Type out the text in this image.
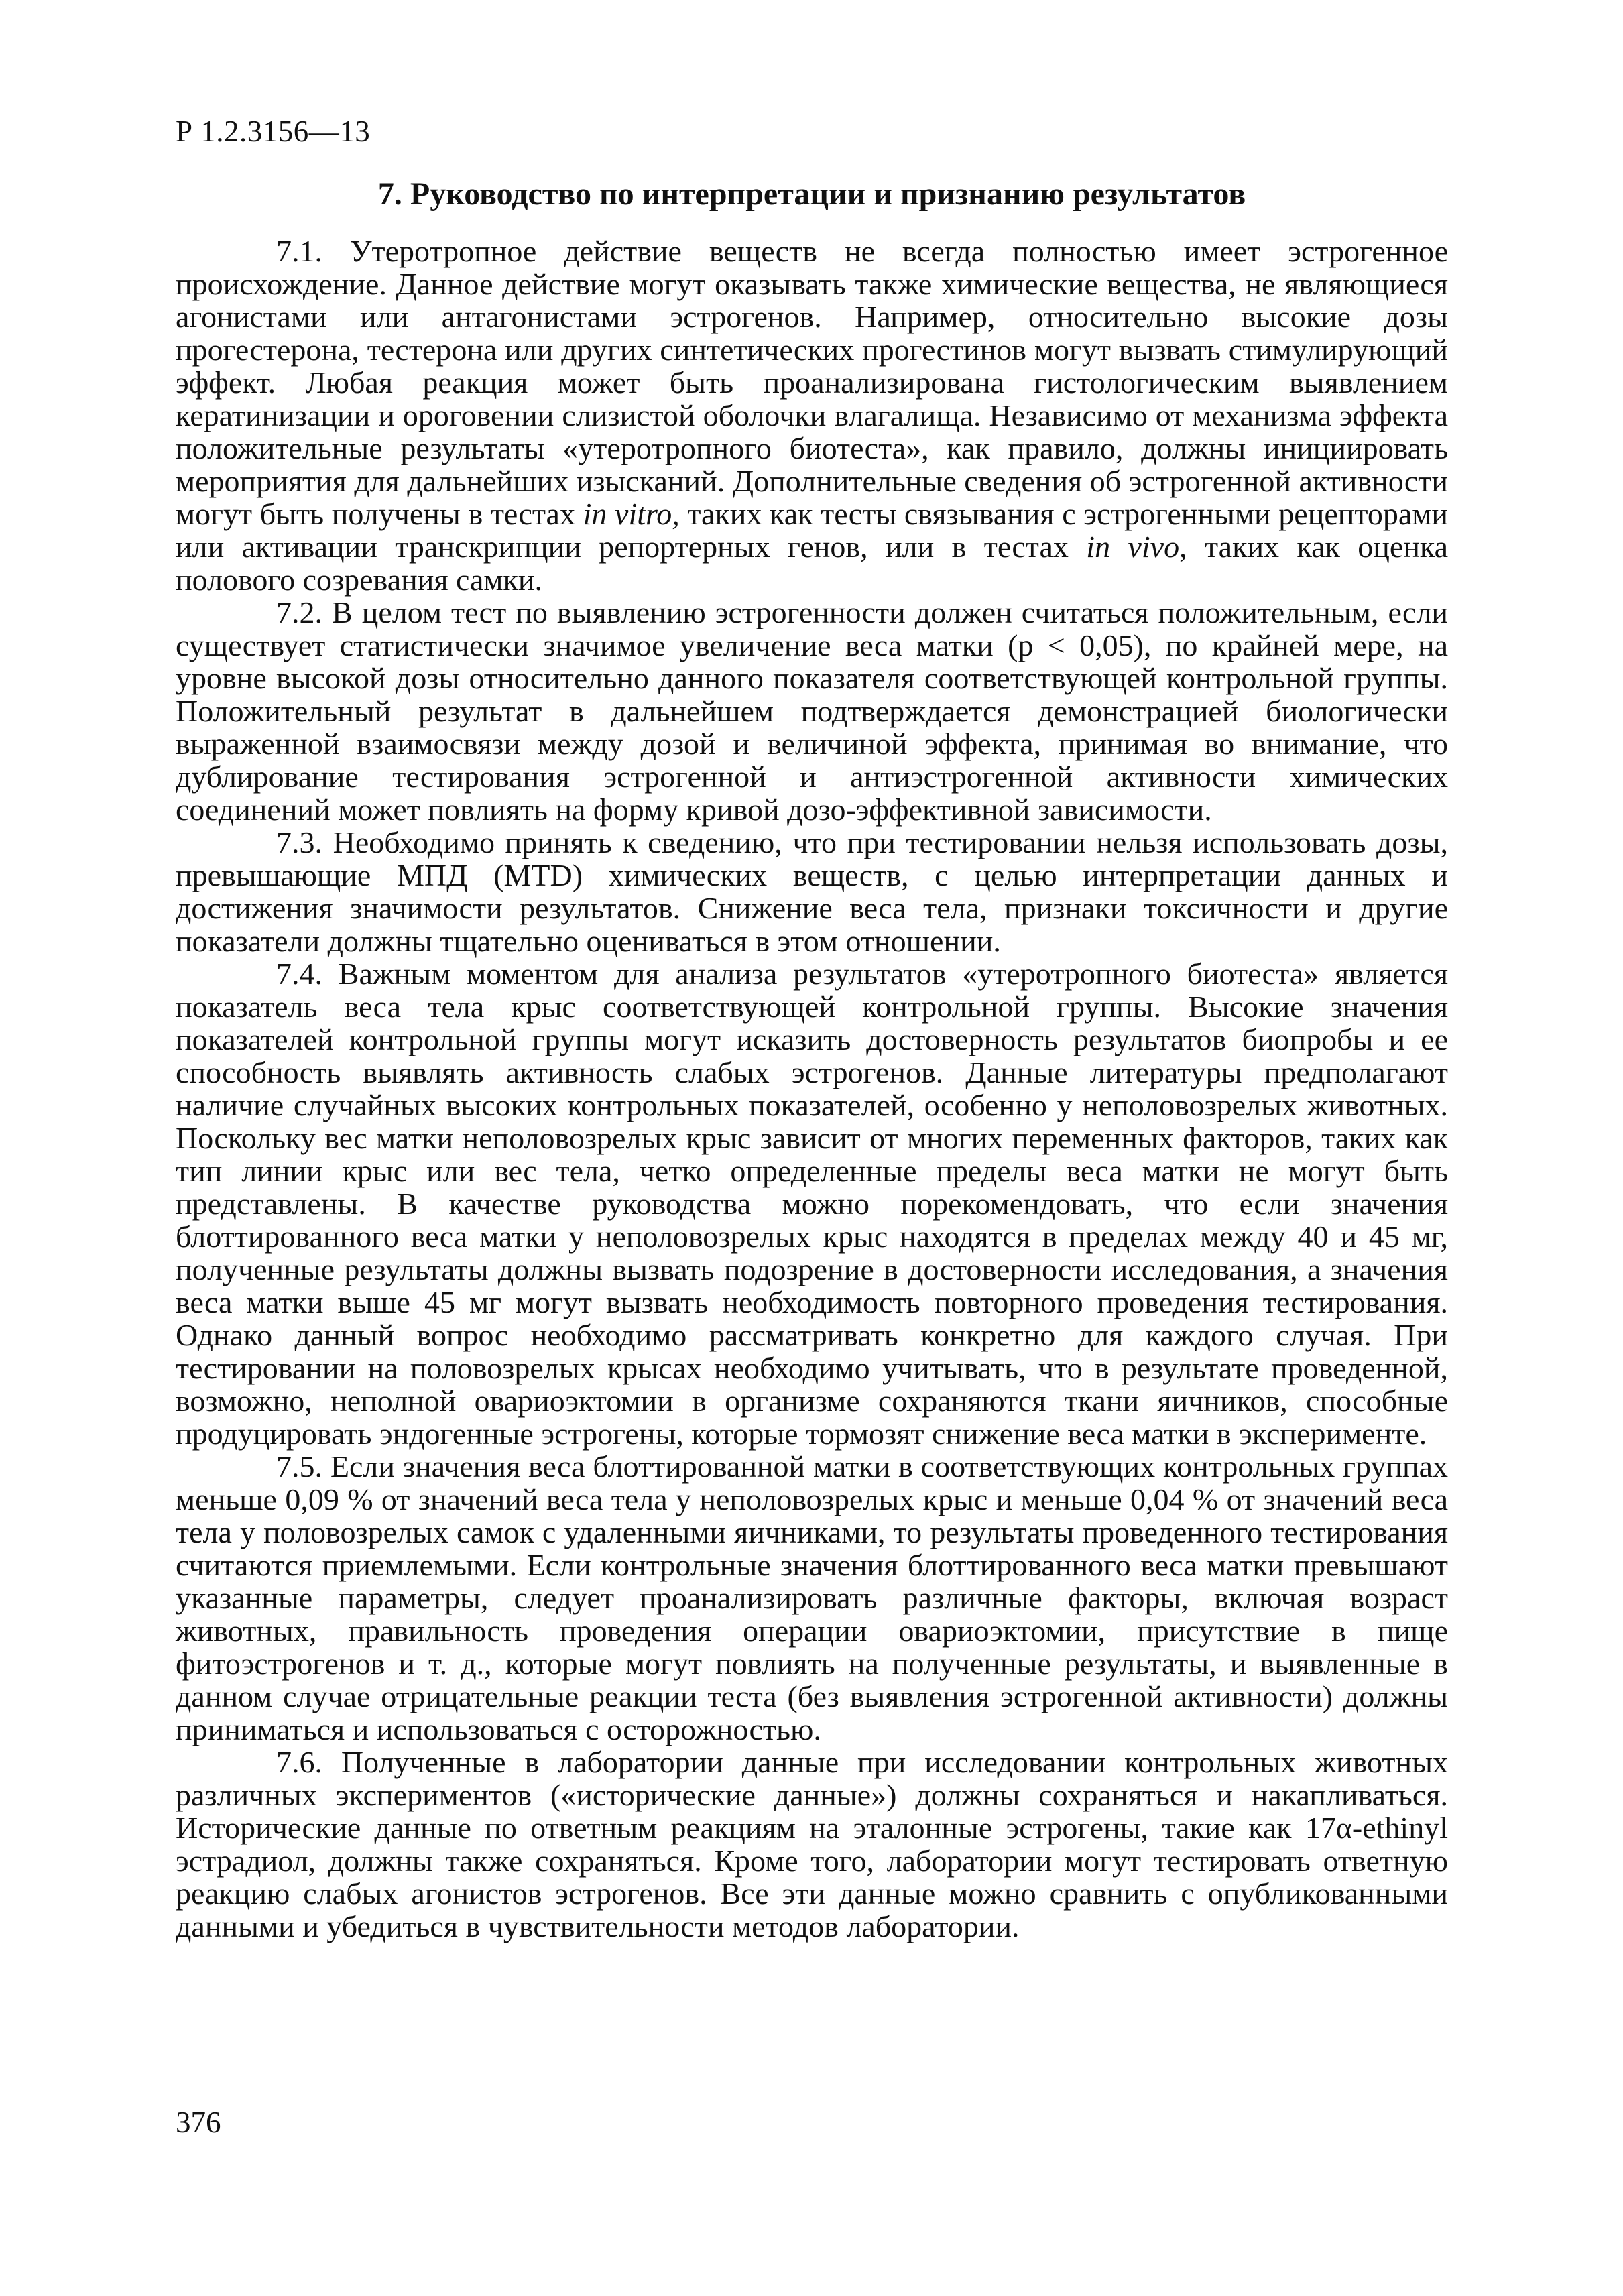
Р 1.2.3156—13
7. Руководство по интерпретации и признанию результатов

7.1. Утеротропное действие веществ не всегда полностью имеет эстрогенное происхождение. Данное действие могут оказывать также химические вещества, не являющиеся агонистами или антагонистами эстрогенов. Например, относительно высокие дозы прогестерона, тестерона или других синтетических прогестинов могут вызвать стимулирующий эффект. Любая реакция может быть проанализирована гистологическим выявлением кератинизации и ороговении слизистой оболочки влагалища. Независимо от механизма эффекта положительные результаты «утеротропного биотеста», как правило, должны инициировать мероприятия для дальнейших изысканий. Дополнительные сведения об эстрогенной активности могут быть получены в тестах in vitro, таких как тесты связывания с эстрогенными рецепторами или активации транскрипции репортерных генов, или в тестах in vivo, таких как оценка полового созревания самки.

7.2. В целом тест по выявлению эстрогенности должен считаться положительным, если существует статистически значимое увеличение веса матки (p < 0,05), по крайней мере, на уровне высокой дозы относительно данного показателя соответствующей контрольной группы. Положительный результат в дальнейшем подтверждается демонстрацией биологически выраженной взаимосвязи между дозой и величиной эффекта, принимая во внимание, что дублирование тестирования эстрогенной и антиэстрогенной активности химических соединений может повлиять на форму кривой дозо-эффективной зависимости.

7.3. Необходимо принять к сведению, что при тестировании нельзя использовать дозы, превышающие МПД (MTD) химических веществ, с целью интерпретации данных и достижения значимости результатов. Снижение веса тела, признаки токсичности и другие показатели должны тщательно оцениваться в этом отношении.

7.4. Важным моментом для анализа результатов «утеротропного биотеста» является показатель веса тела крыс соответствующей контрольной группы. Высокие значения показателей контрольной группы могут исказить достоверность результатов биопробы и ее способность выявлять активность слабых эстрогенов. Данные литературы предполагают наличие случайных высоких контрольных показателей, особенно у неполовозрелых животных. Поскольку вес матки неполовозрелых крыс зависит от многих переменных факторов, таких как тип линии крыс или вес тела, четко определенные пределы веса матки не могут быть представлены. В качестве руководства можно порекомендовать, что если значения блоттированного веса матки у неполовозрелых крыс находятся в пределах между 40 и 45 мг, полученные результаты должны вызвать подозрение в достоверности исследования, а значения веса матки выше 45 мг могут вызвать необходимость повторного проведения тестирования. Однако данный вопрос необходимо рассматривать конкретно для каждого случая. При тестировании на половозрелых крысах необходимо учитывать, что в результате проведенной, возможно, неполной овариоэктомии в организме сохраняются ткани яичников, способные продуцировать эндогенные эстрогены, которые тормозят снижение веса матки в эксперименте.

7.5. Если значения веса блоттированной матки в соответствующих контрольных группах меньше 0,09 % от значений веса тела у неполовозрелых крыс и меньше 0,04 % от значений веса тела у половозрелых самок с удаленными яичниками, то результаты проведенного тестирования считаются приемлемыми. Если контрольные значения блоттированного веса матки превышают указанные параметры, следует проанализировать различные факторы, включая возраст животных, правильность проведения операции овариоэктомии, присутствие в пище фитоэстрогенов и т. д., которые могут повлиять на полученные результаты, и выявленные в данном случае отрицательные реакции теста (без выявления эстрогенной активности) должны приниматься и использоваться с осторожностью.

7.6. Полученные в лаборатории данные при исследовании контрольных животных различных экспериментов («исторические данные») должны сохраняться и накапливаться. Исторические данные по ответным реакциям на эталонные эстрогены, такие как 17α-ethinyl эстрадиол, должны также сохраняться. Кроме того, лаборатории могут тестировать ответную реакцию слабых агонистов эстрогенов. Все эти данные можно сравнить с опубликованными данными и убедиться в чувствительности методов лаборатории.

376
